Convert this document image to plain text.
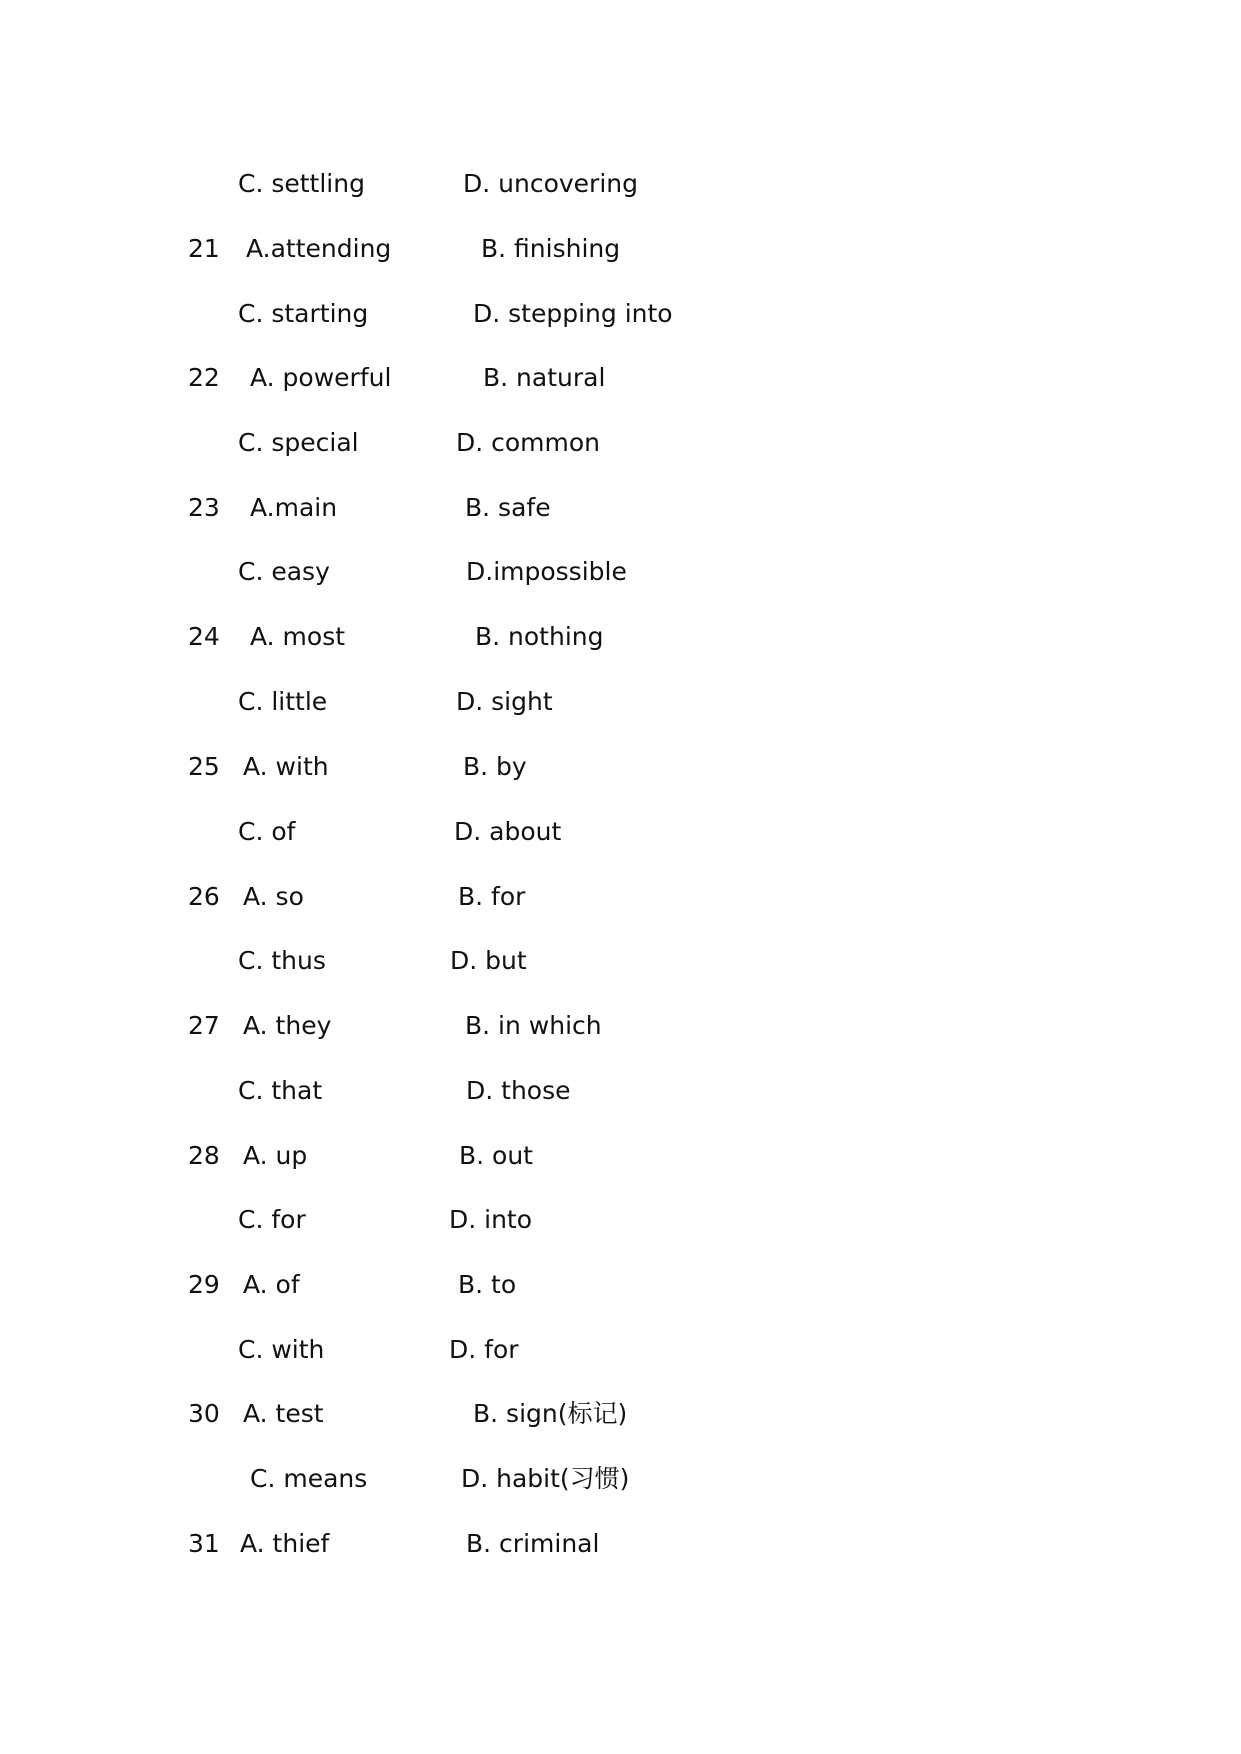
C. settling	D. uncovering
21 A.attending	B. finishing
C. starting	D. stepping into
22 A. powerful	B. natural
C. special	D. common
23 A.main	B. safe
C. easy	D.impossible
24 A. most	B. nothing
C. little	D. sight
25 A. with	B. by
C. of	D. about
26 A. so	B. for
C. thus	D. but
27 A. they	B. in which
C. that	D. those
28 A. up	B. out
C. for	D. into
29 A. of	B. to
C. with	D. for
30 A. test	B. sign(标记)
C. means	D. habit(习惯)
31 A. thief	B. criminal
